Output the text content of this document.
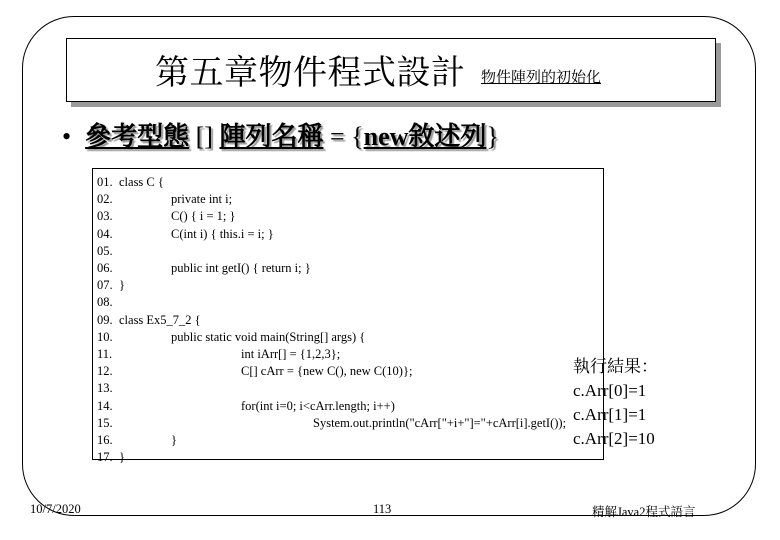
第五章物件程式設計 物件陣列的初始化
• 參考型態 [] 陣列名稱 = {new敘述列}
01. class C {
02.	private int i;
03.	C() { i = 1; }
04.	C(int i) { this.i = i; }
05.
06.	public int getI() { return i; }
07. }
08.
09. class Ex5_7_2 {
10.	public static void main(String[] args) {
11.	int iArr[] = {1,2,3};
12.	C[] cArr = {new C(), new C(10)};
13.
14.	for(int i=0; i<cArr.length; i++)
15.	System.out.println("cArr["+i+"]="+cArr[i].getI());
16.	}
17. }
執行結果：
c.Arr[0]=1
c.Arr[1]=1
c.Arr[2]=10
10/7/2020	113	精解Java2程式語言
